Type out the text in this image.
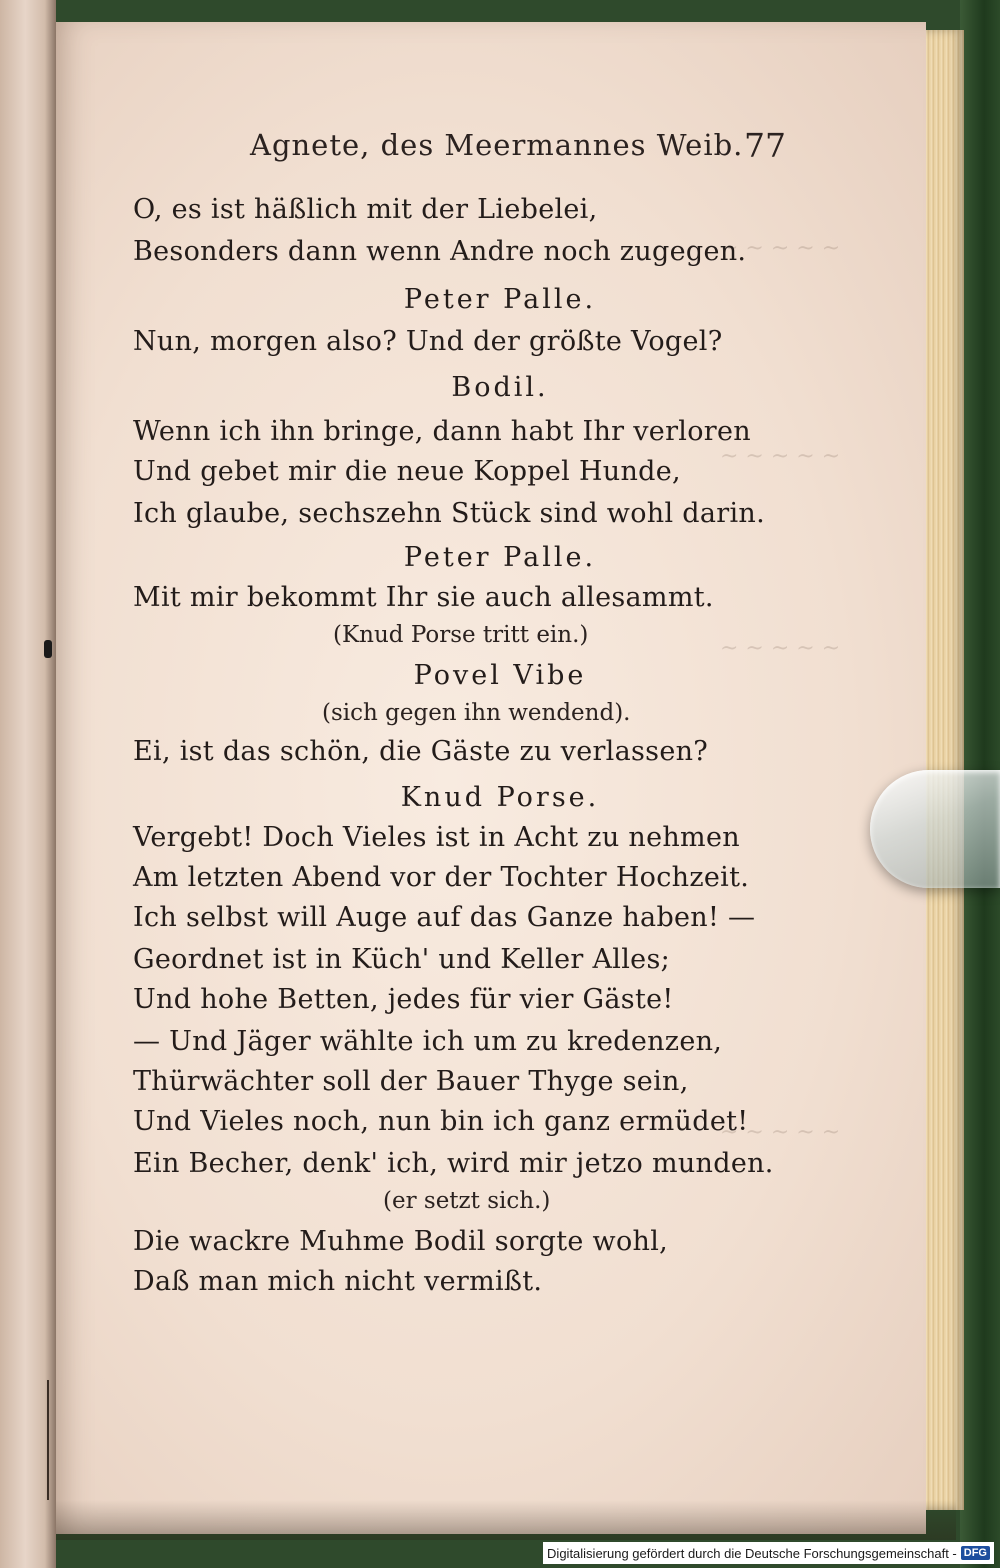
~ ~ ~ ~ ~
~ ~ ~ ~ ~
~ ~ ~ ~ ~
~ ~ ~ ~ ~
Agnete, des Meermannes Weib. 77
O, es ist häßlich mit der Liebelei,
Besonders dann wenn Andre noch zugegen.
Peter Palle.
Nun, morgen also? Und der größte Vogel?
Bodil.
Wenn ich ihn bringe, dann habt Ihr verloren
Und gebet mir die neue Koppel Hunde,
Ich glaube, sechszehn Stück sind wohl darin.
Peter Palle.
Mit mir bekommt Ihr sie auch allesammt.
(Knud Porse tritt ein.)
Povel Vibe
(sich gegen ihn wendend).
Ei, ist das schön, die Gäste zu verlassen?
Knud Porse.
Vergebt! Doch Vieles ist in Acht zu nehmen
Am letzten Abend vor der Tochter Hochzeit.
Ich selbst will Auge auf das Ganze haben! —
Geordnet ist in Küch' und Keller Alles;
Und hohe Betten, jedes für vier Gäste!
— Und Jäger wählte ich um zu kredenzen,
Thürwächter soll der Bauer Thyge sein,
Und Vieles noch, nun bin ich ganz ermüdet!
Ein Becher, denk' ich, wird mir jetzo munden.
(er setzt sich.)
Die wackre Muhme Bodil sorgte wohl,
Daß man mich nicht vermißt.
Digitalisierung gefördert durch die Deutsche Forschungsgemeinschaft - DFG
